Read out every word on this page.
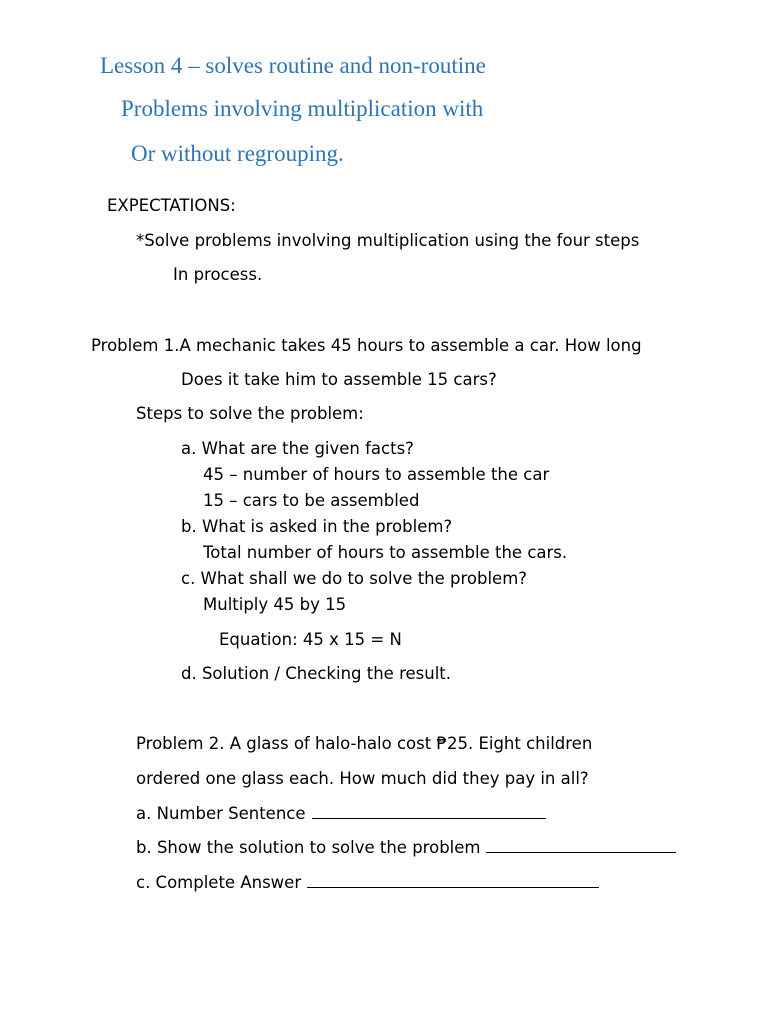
Lesson 4 – solves routine and non-routine
Problems involving multiplication with
Or without regrouping.

EXPECTATIONS:

*Solve problems involving multiplication using the four steps

In process.

Problem 1.A mechanic takes 45 hours to assemble a car. How long

Does it take him to assemble 15 cars?

Steps to solve the problem:

a. What are the given facts?

45 – number of hours to assemble the car

15 – cars to be assembled

b. What is asked in the problem?

Total number of hours to assemble the cars.

c. What shall we do to solve the problem?

Multiply 45 by 15

Equation: 45 x 15 = N

d. Solution / Checking the result.

Problem 2. A glass of halo-halo cost ₱25. Eight children

ordered one glass each. How much did they pay in all?

a. Number Sentence

b. Show the solution to solve the problem

c. Complete Answer
